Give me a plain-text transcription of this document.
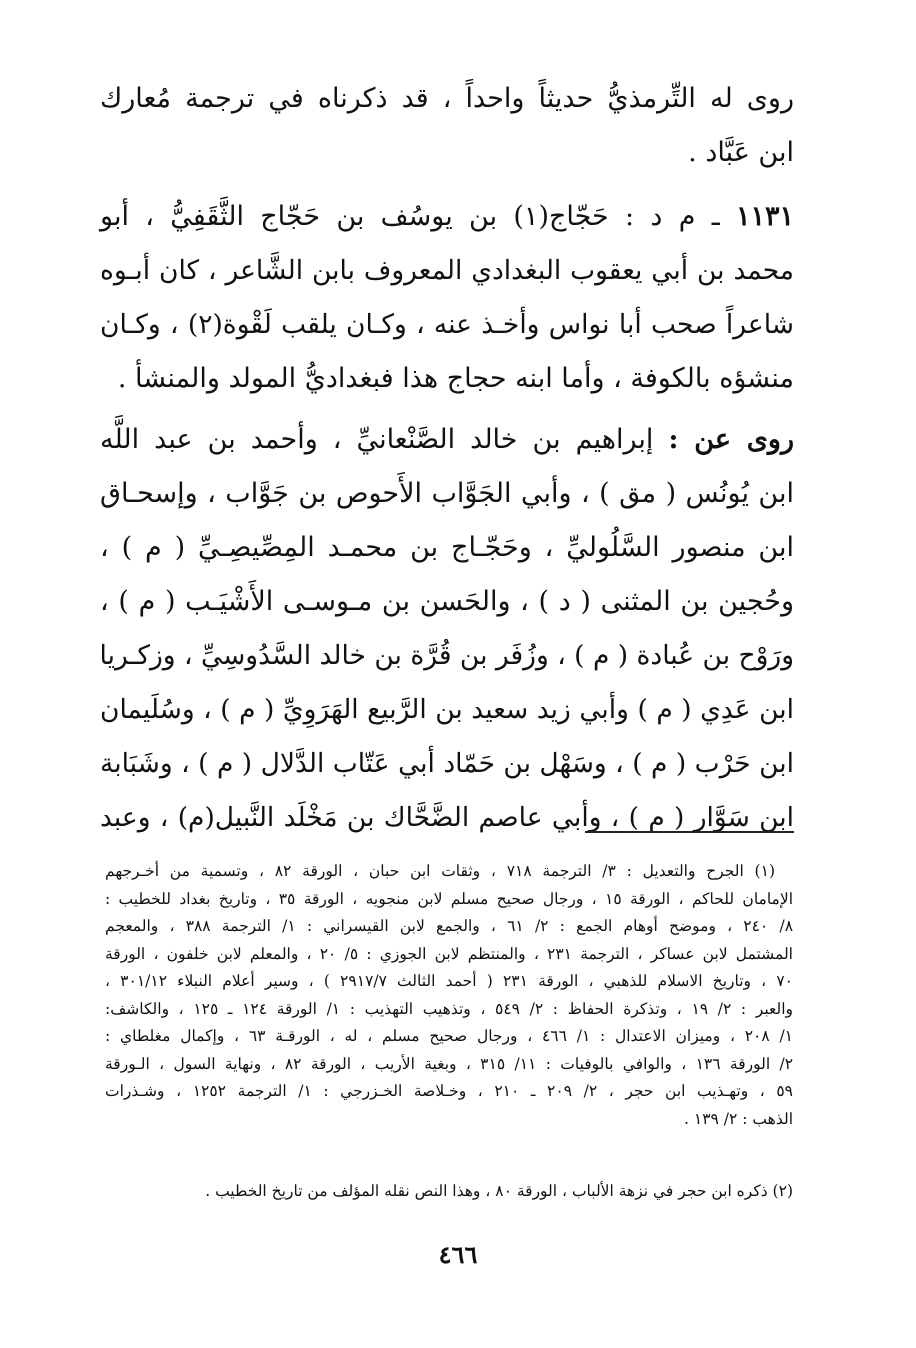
روى له التِّرمذيُّ حديثاً واحداً ، قد ذكرناه في ترجمة مُعارك
ابن عَبَّاد .
١١٣١ ـ م د : حَجّاج(١) بن يوسُف بن حَجّاج الثَّقَفِيُّ ، أبو
محمد بن أبي يعقوب البغدادي المعروف بابن الشَّاعر ، كان أبـوه
شاعراً صحب أبا نواس وأخـذ عنه ، وكـان يلقب لَقْوة(٢) ، وكـان
منشؤه بالكوفة ، وأما ابنه حجاج هذا فبغداديُّ المولد والمنشأ .
روى عن : إبراهيم بن خالد الصَّنْعانيِّ ، وأحمد بن عبد اللَّه
ابن يُونُس ( مق ) ، وأبي الجَوَّاب الأَحوص بن جَوَّاب ، وإسحـاق
ابن منصور السَّلُوليِّ ، وحَجّـاج بن محمـد المِصِّيصِـيِّ ( م ) ،
وحُجين بن المثنى ( د ) ، والحَسن بن مـوسـى الأَشْيَـب ( م ) ،
ورَوْح بن عُبادة ( م ) ، وزُفَر بن قُرَّة بن خالد السَّدُوسِيِّ ، وزكـريا
ابن عَدِي ( م ) وأبي زيد سعيد بن الرَّبيع الهَرَوِيِّ ( م ) ، وسُلَيمان
ابن حَرْب ( م ) ، وسَهْل بن حَمّاد أبي عَتّاب الدَّلال ( م ) ، وشَبَابة
ابن سَوَّار ( م ) ، وأبي عاصم الضَّحَّاك بن مَخْلَد النَّبيل(م) ، وعبد
(١) الجرح والتعديل : ٣/ الترجمة ٧١٨ ، وثقات ابن حبان ، الورقة ٨٢ ، وتسمية من أخـرجهم
الإمامان للحاكم ، الورقة ١٥ ، ورجال صحيح مسلم لابن منجويه ، الورقة ٣٥ ، وتاريخ بغداد للخطيب :
٨/ ٢٤٠ ، وموضح أوهام الجمع : ٢/ ٦١ ، والجمع لابن القيسراني : ١/ الترجمة ٣٨٨ ، والمعجم
المشتمل لابن عساكر ، الترجمة ٢٣١ ، والمنتظم لابن الجوزي : ٥/ ٢٠ ، والمعلم لابن خلفون ، الورقة
٧٠ ، وتاريخ الاسلام للذهبي ، الورقة ٢٣١ ( أحمد الثالث ٢٩١٧/٧ ) ، وسير أعلام النبلاء ٣٠١/١٢ ،
والعبر : ٢/ ١٩ ، وتذكرة الحفاظ : ٢/ ٥٤٩ ، وتذهيب التهذيب : ١/ الورقة ١٢٤ ـ ١٢٥ ، والكاشف:
١/ ٢٠٨ ، وميزان الاعتدال : ١/ ٤٦٦ ، ورجال صحيح مسلم ، له ، الورقـة ٦٣ ، وإكمال مغلطاي :
٢/ الورقة ١٣٦ ، والوافي بالوفيات : ١١/ ٣١٥ ، وبغية الأريب ، الورقة ٨٢ ، ونهاية السول ، الـورقة
٥٩ ، وتهـذيب ابن حجر ، ٢/ ٢٠٩ ـ ٢١٠ ، وخـلاصة الخـزرجي : ١/ الترجمة ١٢٥٢ ، وشـذرات
الذهب : ٢/ ١٣٩ .
(٢) ذكره ابن حجر في نزهة الألباب ، الورقة ٨٠ ، وهذا النص نقله المؤلف من تاريخ الخطيب .
٤٦٦
